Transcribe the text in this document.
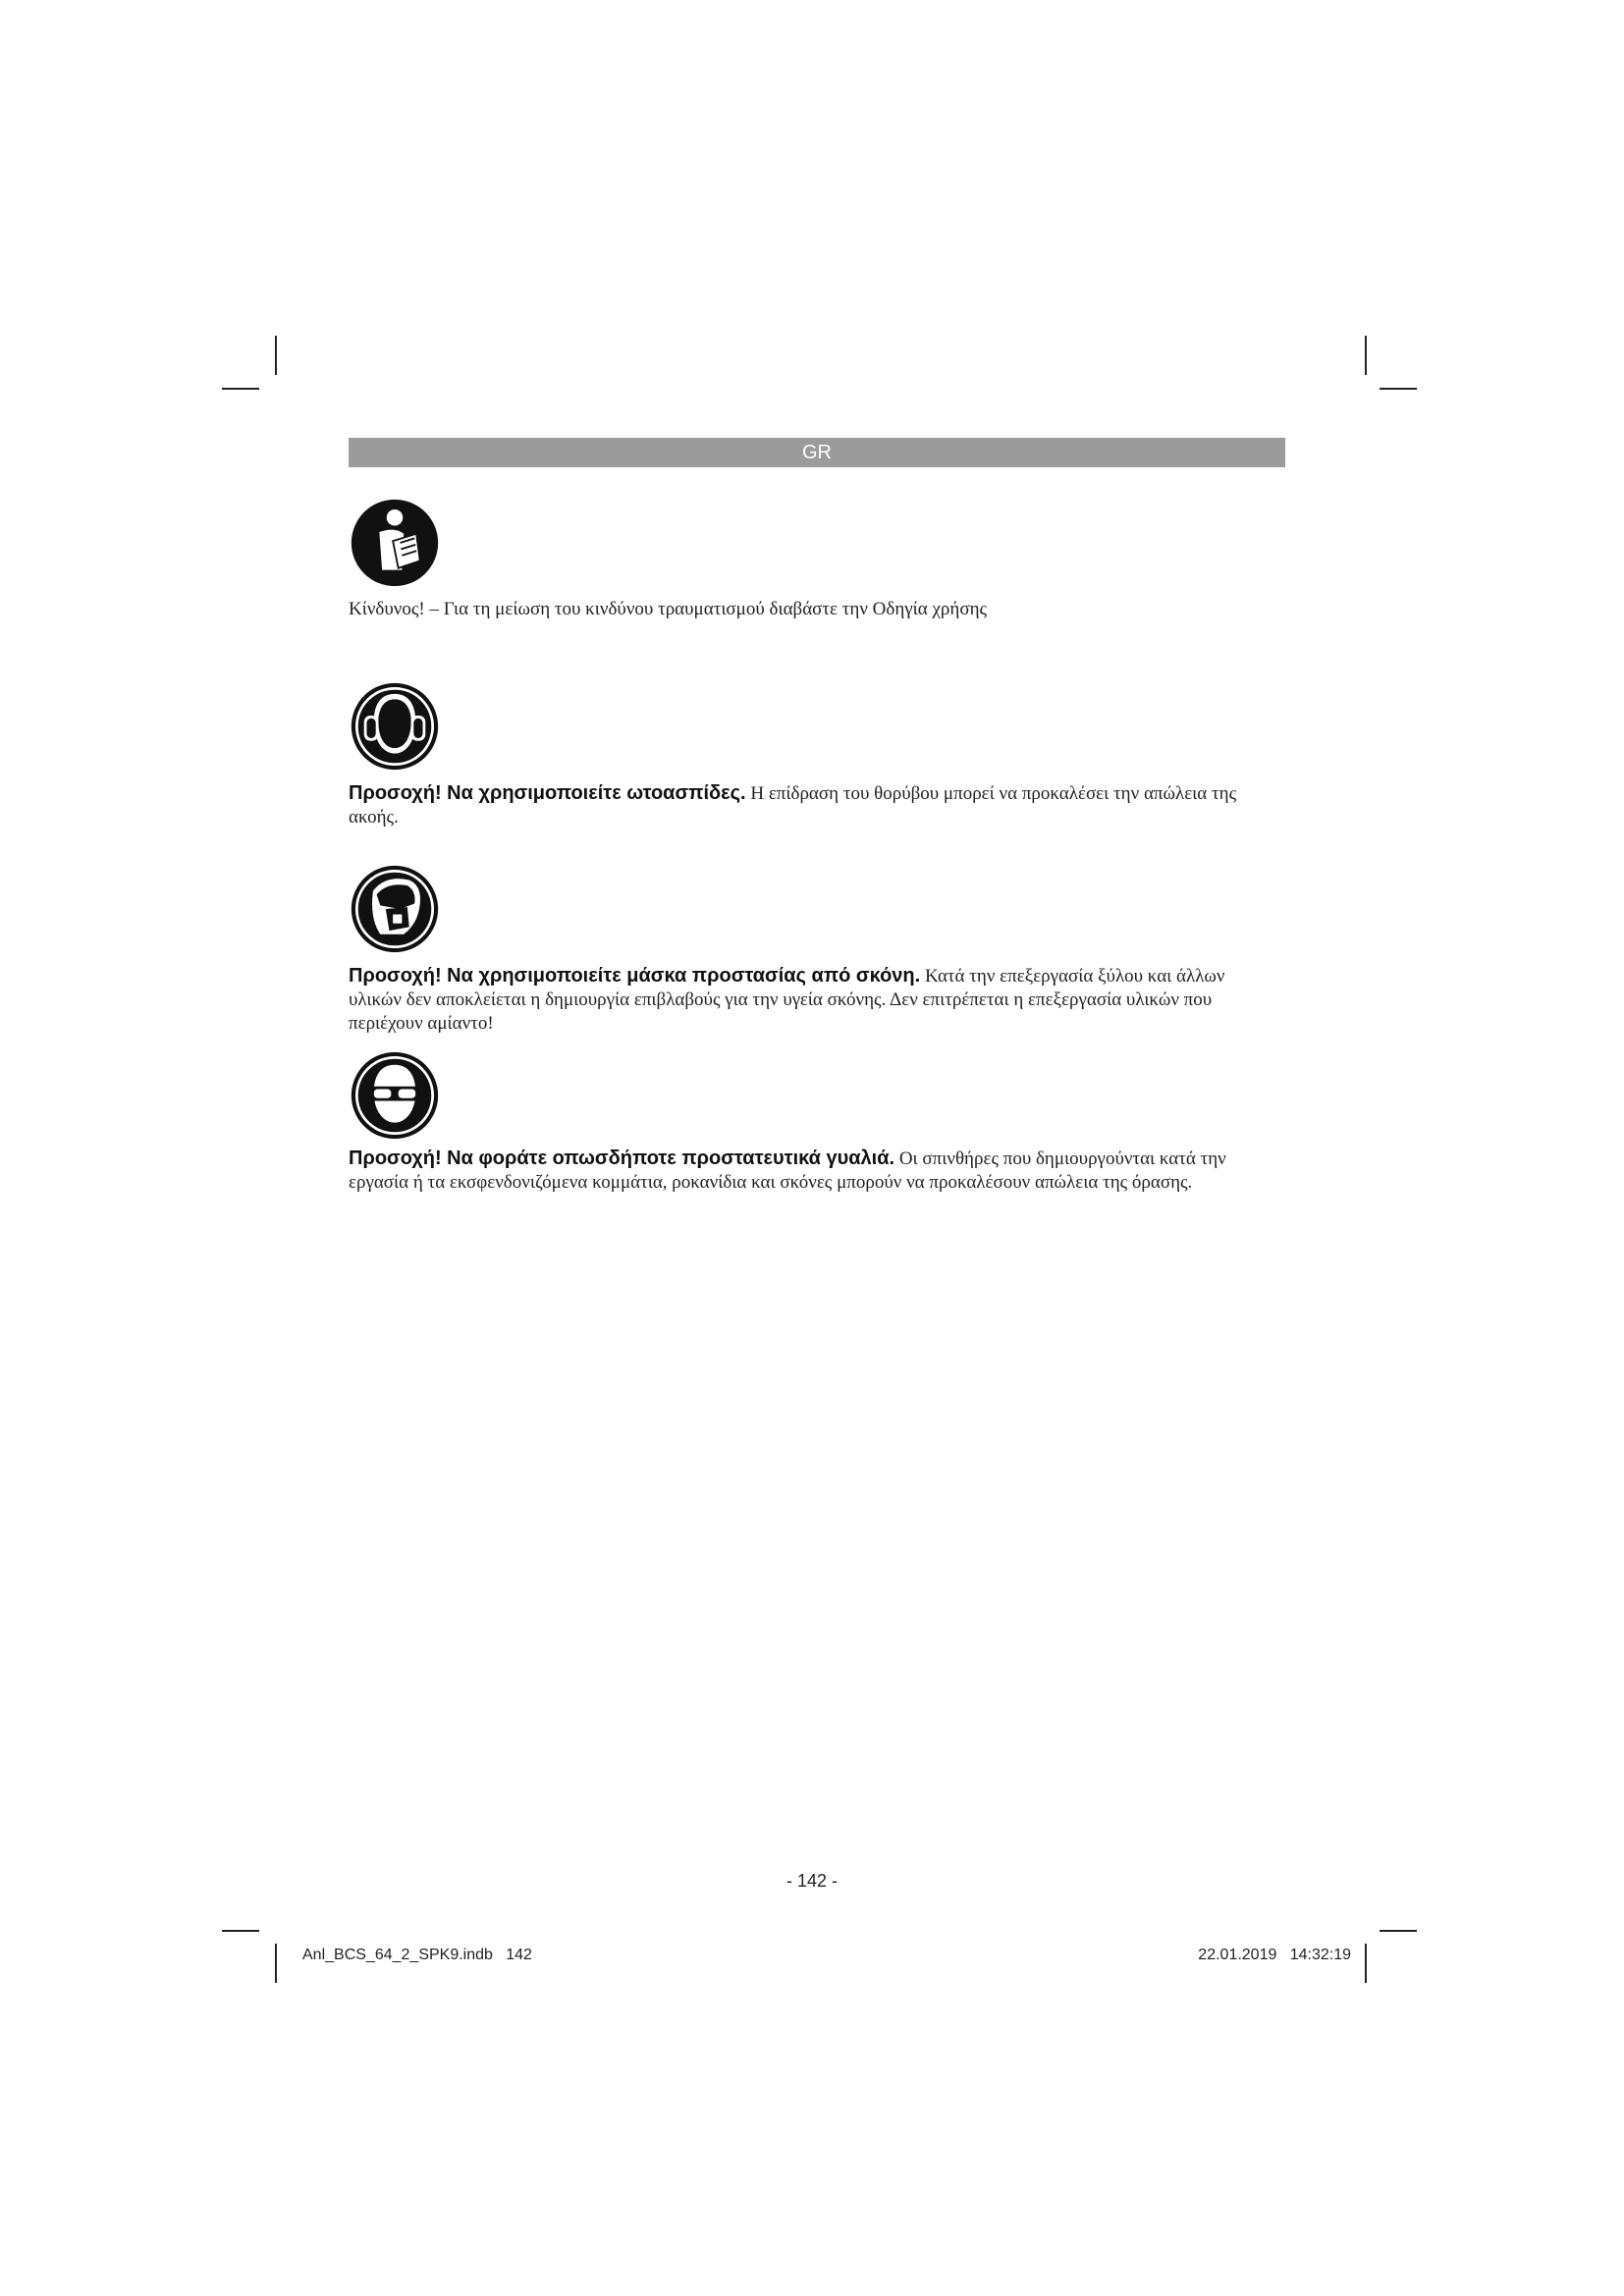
GR
Κίνδυνος! – Για τη μείωση του κινδύνου τραυματισμού διαβάστε την Οδηγία χρήσης
Προσοχή! Να χρησιμοποιείτε ωτοασπίδες. Η επίδραση του θορύβου μπορεί να προκαλέσει την απώλεια της ακοής.
Προσοχή! Να χρησιμοποιείτε μάσκα προστασίας από σκόνη. Κατά την επεξεργασία ξύλου και άλλων υλικών δεν αποκλείεται η δημιουργία επιβλαβούς για την υγεία σκόνης. Δεν επιτρέπεται η επεξεργασία υλικών που περιέχουν αμίαντο!
Προσοχή! Να φοράτε οπωσδήποτε προστατευτικά γυαλιά. Οι σπινθήρες που δημιουργούνται κατά την εργασία ή τα εκσφενδονιζόμενα κομμάτια, ροκανίδια και σκόνες μπορούν να προκαλέσουν απώλεια της όρασης.
- 142 -
Anl_BCS_64_2_SPK9.indb   142	22.01.2019   14:32:19
